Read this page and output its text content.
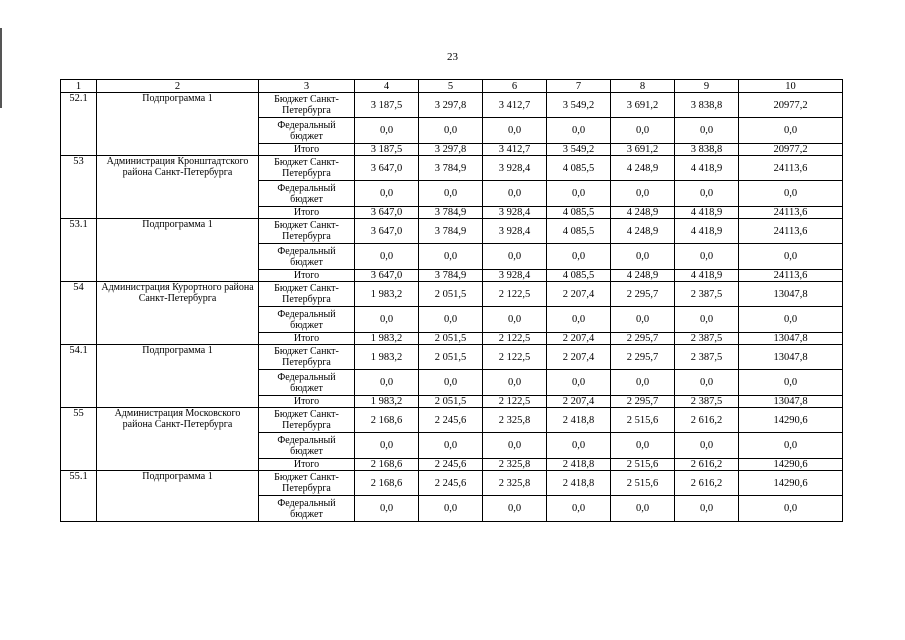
23
1	2	3	4	5	6	7	8	9	10
52.1	Подпрограмма 1	Бюджет Санкт-Петербурга	3 187,5	3 297,8	3 412,7	3 549,2	3 691,2	3 838,8	20977,2
		Федеральный бюджет	0,0	0,0	0,0	0,0	0,0	0,0	0,0
		Итого	3 187,5	3 297,8	3 412,7	3 549,2	3 691,2	3 838,8	20977,2
53	Администрация Кронштадтского района Санкт-Петербурга	Бюджет Санкт-Петербурга	3 647,0	3 784,9	3 928,4	4 085,5	4 248,9	4 418,9	24113,6
		Федеральный бюджет	0,0	0,0	0,0	0,0	0,0	0,0	0,0
		Итого	3 647,0	3 784,9	3 928,4	4 085,5	4 248,9	4 418,9	24113,6
53.1	Подпрограмма 1	Бюджет Санкт-Петербурга	3 647,0	3 784,9	3 928,4	4 085,5	4 248,9	4 418,9	24113,6
		Федеральный бюджет	0,0	0,0	0,0	0,0	0,0	0,0	0,0
		Итого	3 647,0	3 784,9	3 928,4	4 085,5	4 248,9	4 418,9	24113,6
54	Администрация Курортного района Санкт-Петербурга	Бюджет Санкт-Петербурга	1 983,2	2 051,5	2 122,5	2 207,4	2 295,7	2 387,5	13047,8
		Федеральный бюджет	0,0	0,0	0,0	0,0	0,0	0,0	0,0
		Итого	1 983,2	2 051,5	2 122,5	2 207,4	2 295,7	2 387,5	13047,8
54.1	Подпрограмма 1	Бюджет Санкт-Петербурга	1 983,2	2 051,5	2 122,5	2 207,4	2 295,7	2 387,5	13047,8
		Федеральный бюджет	0,0	0,0	0,0	0,0	0,0	0,0	0,0
		Итого	1 983,2	2 051,5	2 122,5	2 207,4	2 295,7	2 387,5	13047,8
55	Администрация Московского района Санкт-Петербурга	Бюджет Санкт-Петербурга	2 168,6	2 245,6	2 325,8	2 418,8	2 515,6	2 616,2	14290,6
		Федеральный бюджет	0,0	0,0	0,0	0,0	0,0	0,0	0,0
		Итого	2 168,6	2 245,6	2 325,8	2 418,8	2 515,6	2 616,2	14290,6
55.1	Подпрограмма 1	Бюджет Санкт-Петербурга	2 168,6	2 245,6	2 325,8	2 418,8	2 515,6	2 616,2	14290,6
		Федеральный бюджет	0,0	0,0	0,0	0,0	0,0	0,0	0,0
